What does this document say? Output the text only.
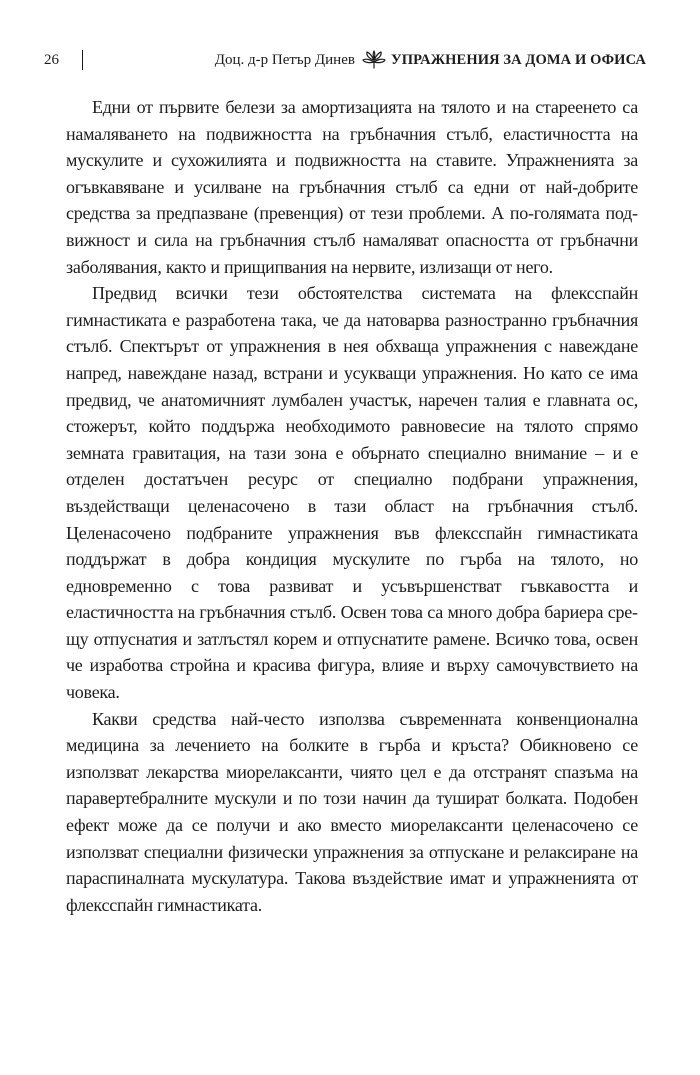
26	Доц. д-р Петър Динев УПРАЖНЕНИЯ ЗА ДОМА И ОФИСА

Едни от първите белези за амортизацията на тялото и на стареенето са намаляването на подвижността на гръбначния стълб, еластичността на мускулите и сухожилията и подвижността на ставите. Упражненията за огъвкавяване и усилване на гръбначния стълб са едни от най-добрите средства за предпазване (превенция) от тези проблеми. А по-голямата подвижност и сила на гръбначния стълб намаляват опасността от гръбначни заболявания, както и прищипвания на нервите, излизащи от него.

Предвид всички тези обстоятелства системата на флексспайн гимнастиката е разработена така, че да натоварва разностранно гръбначния стълб. Спектърът от упражнения в нея обхваща упражнения с навеждане напред, навеждане назад, встрани и усукващи упражнения. Но като се има предвид, че анатомичният лумбален участък, наречен талия е главната ос, стожерът, който поддържа необходимото равновесие на тялото спрямо земната гравитация, на тази зона е обърнато специално внимание – и е отделен достатъчен ресурс от специално подбрани упражнения, въздействащи целенасочено в тази област на гръбначния стълб. Целенасочено подбраните упражнения във флексспайн гимнастиката поддържат в добра кондиция мускулите по гърба на тялото, но едновременно с това развиват и усъвършенстват гъвкавостта и еластичността на гръбначния стълб. Освен това са много добра бариера срещу отпуснатия и затлъстял корем и отпуснатите рамене. Всичко това, освен че изработва стройна и красива фигура, влияе и върху самочувствието на човека.

Какви средства най-често използва съвременната конвенционална медицина за лечението на болките в гърба и кръста? Обикновено се използват лекарства миорелаксанти, чиято цел е да отстранят спазъма на паравертебралните мускули и по този начин да тушират болката. Подобен ефект може да се получи и ако вместо миорелаксанти целенасочено се използват специални физически упражнения за отпускане и релаксиране на параспиналната мускулатура. Такова въздействие имат и упражненията от флексспайн гимнастиката.
